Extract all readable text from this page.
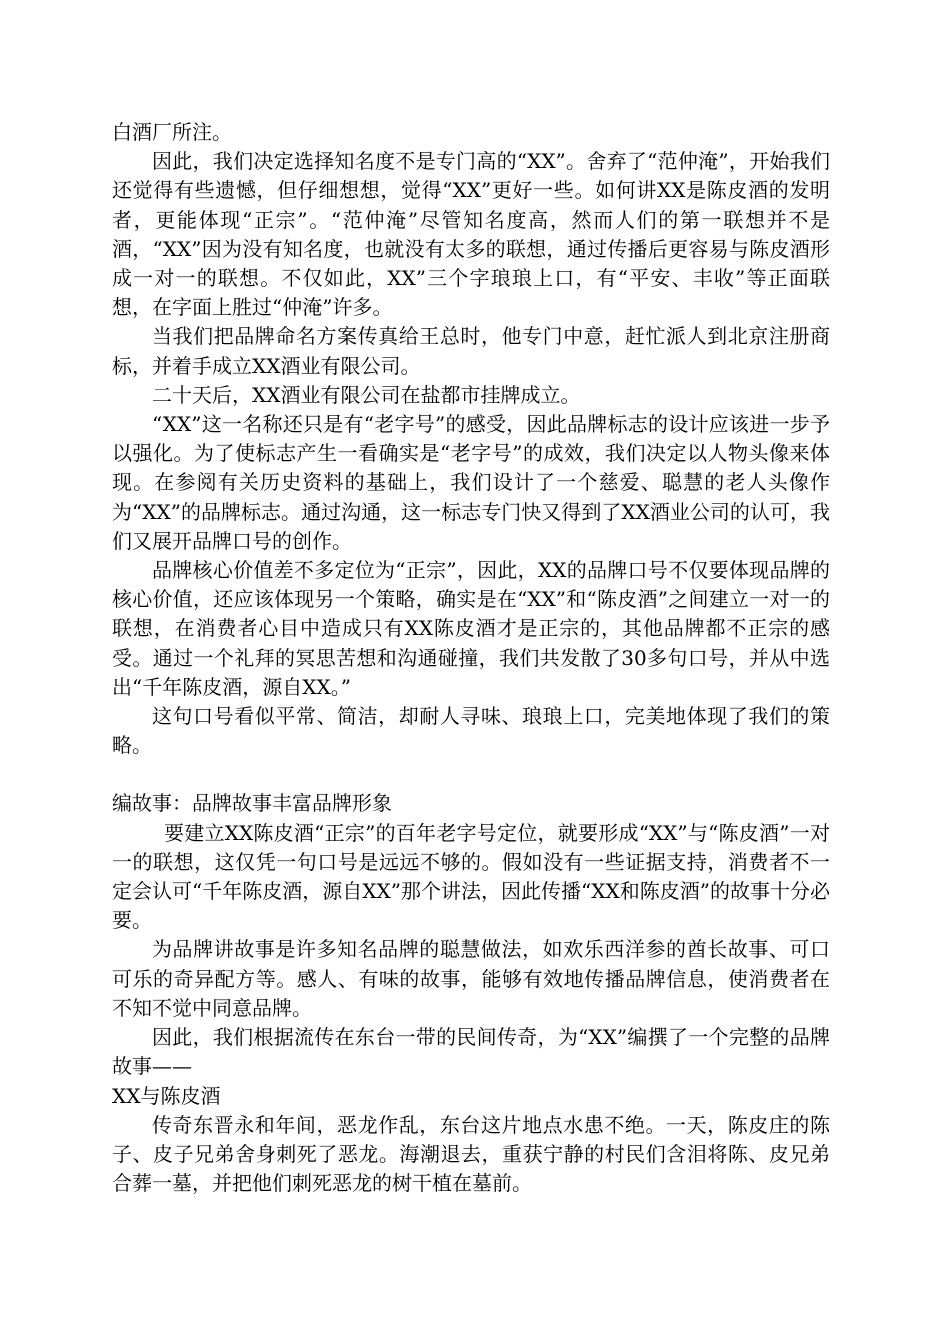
白酒厂所注。

因此，我们决定选择知名度不是专门高的“XX”。舍弃了“范仲淹”，开始我们还觉得有些遗憾，但仔细想想，觉得“XX”更好一些。如何讲XX是陈皮酒的发明者，更能体现“正宗”。“范仲淹”尽管知名度高，然而人们的第一联想并不是酒，“XX”因为没有知名度，也就没有太多的联想，通过传播后更容易与陈皮酒形成一对一的联想。不仅如此，XX”三个字琅琅上口，有“平安、丰收”等正面联想，在字面上胜过“仲淹”许多。

当我们把品牌命名方案传真给王总时，他专门中意，赶忙派人到北京注册商标，并着手成立XX酒业有限公司。

二十天后，XX酒业有限公司在盐都市挂牌成立。

“XX”这一名称还只是有“老字号”的感受，因此品牌标志的设计应该进一步予以强化。为了使标志产生一看确实是“老字号”的成效，我们决定以人物头像来体现。在参阅有关历史资料的基础上，我们设计了一个慈爱、聪慧的老人头像作为“XX”的品牌标志。通过沟通，这一标志专门快又得到了XX酒业公司的认可，我们又展开品牌口号的创作。

品牌核心价值差不多定位为“正宗”，因此，XX的品牌口号不仅要体现品牌的核心价值，还应该体现另一个策略，确实是在“XX”和“陈皮酒”之间建立一对一的联想，在消费者心目中造成只有XX陈皮酒才是正宗的，其他品牌都不正宗的感受。通过一个礼拜的冥思苦想和沟通碰撞，我们共发散了30多句口号，并从中选出“千年陈皮酒，源自XX。”

这句口号看似平常、简洁，却耐人寻味、琅琅上口，完美地体现了我们的策略。

编故事：品牌故事丰富品牌形象

要建立XX陈皮酒“正宗”的百年老字号定位，就要形成“XX”与“陈皮酒”一对一的联想，这仅凭一句口号是远远不够的。假如没有一些证据支持，消费者不一定会认可“千年陈皮酒，源自XX”那个讲法，因此传播“XX和陈皮酒”的故事十分必要。

为品牌讲故事是许多知名品牌的聪慧做法，如欢乐西洋参的酋长故事、可口可乐的奇异配方等。感人、有味的故事，能够有效地传播品牌信息，使消费者在不知不觉中同意品牌。

因此，我们根据流传在东台一带的民间传奇，为“XX”编撰了一个完整的品牌故事——

XX与陈皮酒

传奇东晋永和年间，恶龙作乱，东台这片地点水患不绝。一天，陈皮庄的陈子、皮子兄弟舍身刺死了恶龙。海潮退去，重获宁静的村民们含泪将陈、皮兄弟合葬一墓，并把他们刺死恶龙的树干植在墓前。
